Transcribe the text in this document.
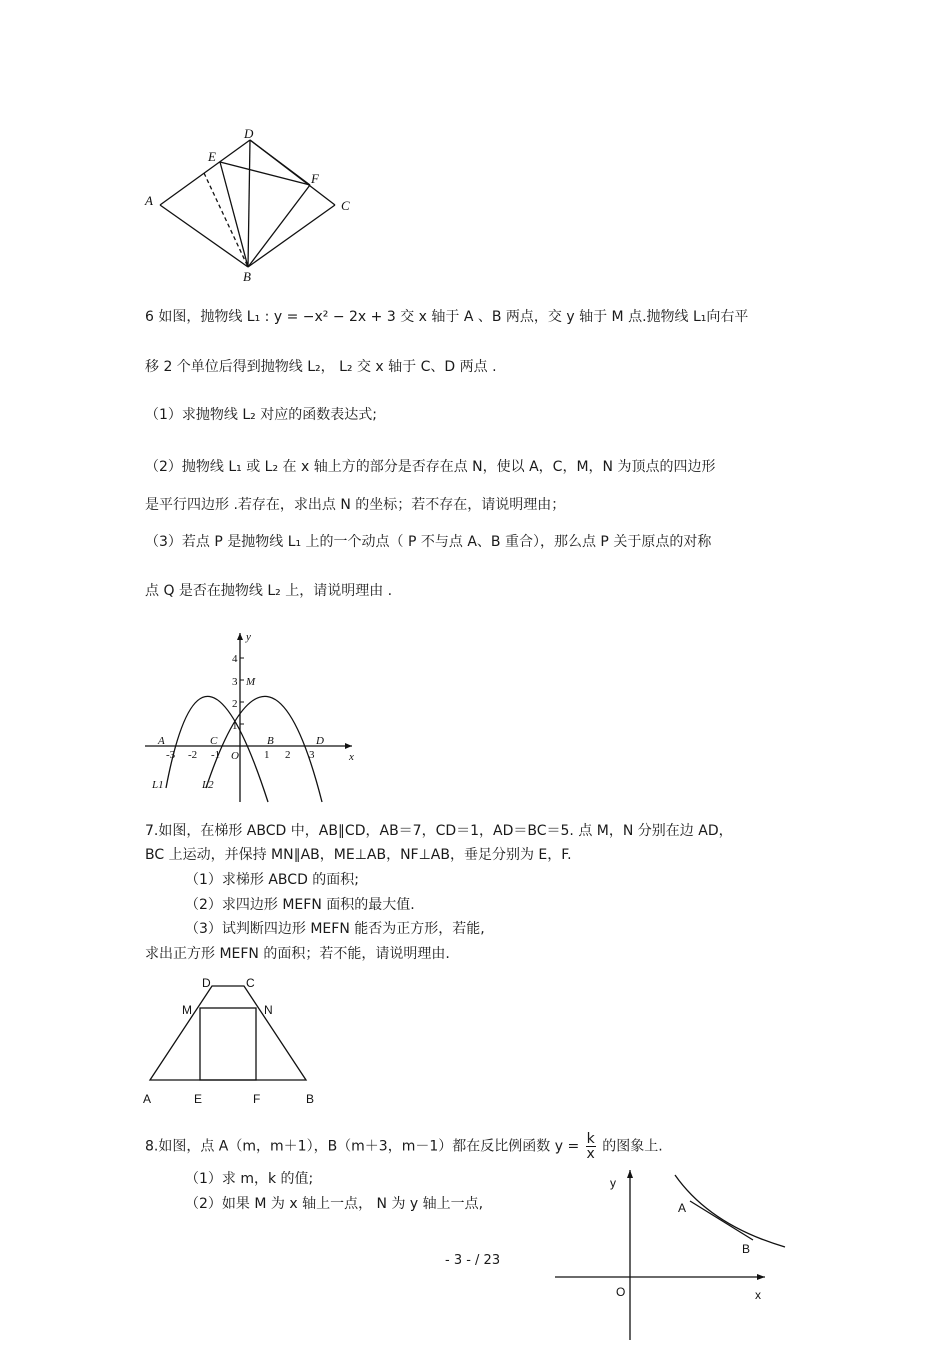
A
B
C
D
E
F
6 如图，抛物线 L₁ : y = −x² − 2x + 3 交 x 轴于 A 、B 两点，交 y 轴于 M 点.抛物线 L₁向右平
移 2 个单位后得到抛物线 L₂， L₂ 交 x 轴于 C、D 两点 .
（1）求抛物线 L₂ 对应的函数表达式;
（2）抛物线 L₁ 或 L₂ 在 x 轴上方的部分是否存在点 N，使以 A，C，M，N 为顶点的四边形
是平行四边形 .若存在，求出点 N 的坐标；若不存在，请说明理由；
（3）若点 P 是抛物线 L₁ 上的一个动点（ P 不与点 A、B 重合），那么点 P 关于原点的对称
点 Q 是否在抛物线 L₂ 上，请说明理由 .
y
x
O
4
3
2
1
-3 -2 -1	1 2 3
A	C	B	D
M
L1	L2
7.如图，在梯形 ABCD 中，AB∥CD，AB＝7，CD＝1，AD＝BC＝5. 点 M，N 分别在边 AD，
BC 上运动，并保持 MN∥AB，ME⊥AB，NF⊥AB，垂足分别为 E，F.
（1）求梯形 ABCD 的面积;
（2）求四边形 MEFN 面积的最大值.
（3）试判断四边形 MEFN 能否为正方形，若能,
求出正方形 MEFN 的面积；若不能，请说明理由.
D	C
M	N
A	E	F	B
8.如图，点 A（m，m＋1），B（m＋3，m－1）都在反比例函数 $y = \frac{k}{x}$ 的图象上.
（1）求 m，k 的值;
（2）如果 M 为 x 轴上一点， N 为 y 轴上一点,
y
x
O
A
B
- 3 - / 23
